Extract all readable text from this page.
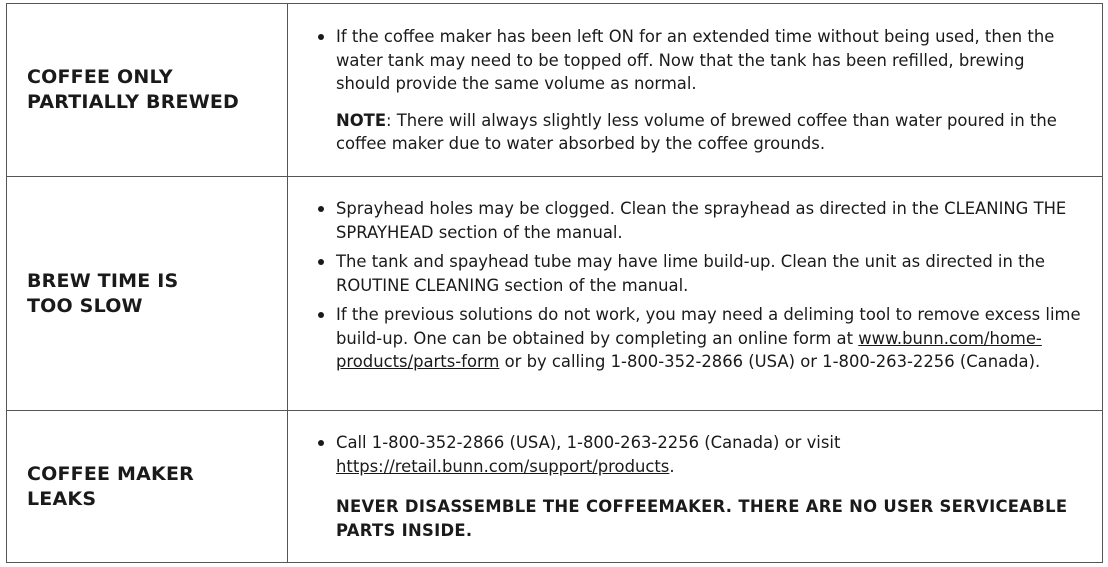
COFFEE ONLY
PARTIALLY BREWED
If the coffee maker has been left ON for an extended time without being used, then the water tank may need to be topped off. Now that the tank has been refilled, brewing should provide the same volume as normal.
NOTE: There will always slightly less volume of brewed coffee than water poured in the coffee maker due to water absorbed by the coffee grounds.
BREW TIME IS
TOO SLOW
Sprayhead holes may be clogged. Clean the sprayhead as directed in the CLEANING THE SPRAYHEAD section of the manual.
The tank and spayhead tube may have lime build-up. Clean the unit as directed in the ROUTINE CLEANING section of the manual.
If the previous solutions do not work, you may need a deliming tool to remove excess lime build-up. One can be obtained by completing an online form at www.bunn.com/home-products/parts-form or by calling 1-800-352-2866 (USA) or 1-800-263-2256 (Canada).
COFFEE MAKER
LEAKS
Call 1-800-352-2866 (USA), 1-800-263-2256 (Canada) or visit https://retail.bunn.com/support/products.
NEVER DISASSEMBLE THE COFFEEMAKER. THERE ARE NO USER SERVICEABLE PARTS INSIDE.
